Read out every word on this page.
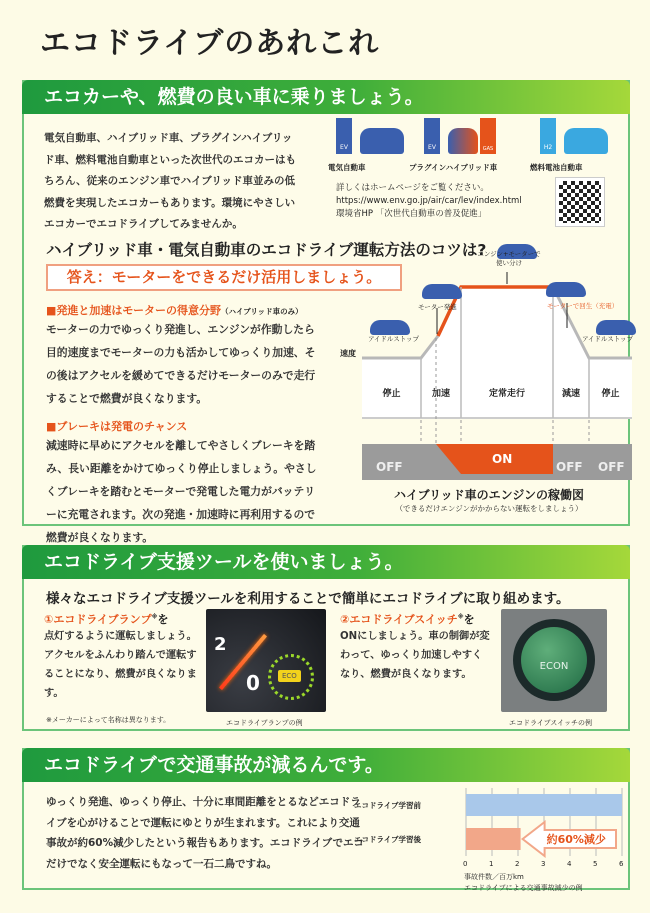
エコドライブのあれこれ
エコカーや、燃費の良い車に乗りましょう。
電気自動車、ハイブリッド車、プラグインハイブリッド車、燃料電池自動車といった次世代のエコカーはもちろん、従来のエンジン車でハイブリッド車並みの低燃費を実現したエコカーもあります。環境にやさしいエコカーでエコドライブしてみませんか。
EV
電気自動車
EV	GAS
プラグインハイブリッド車
H2
燃料電池自動車
詳しくはホームページをご覧ください。
https://www.env.go.jp/air/car/lev/index.html
環境省HP 「次世代自動車の普及促進」
ハイブリッド車・電気自動車のエコドライブ運転方法のコツは?
答え：モーターをできるだけ活用しましょう。
■発進と加速はモーターの得意分野（ハイブリッド車のみ）
モーターの力でゆっくり発進し、エンジンが作動したら目的速度までモーターの力も活かしてゆっくり加速、その後はアクセルを緩めてできるだけモーターのみで走行することで燃費が良くなります。
■ブレーキは発電のチャンス
減速時に早めにアクセルを離してやさしくブレーキを踏み、長い距離をかけてゆっくり停止しましょう。やさしくブレーキを踏むとモーターで発電した電力がバッテリーに充電されます。次の発進・加速時に再利用するので燃費が良くなります。
速度
アイドルストップ
モーター発進
エンジン+モーターで
使い分け
モーターで回生（充電）
アイドルストップ
停止	加速	定常走行	減速	停止
OFF
ON
OFF OFF
ハイブリッド車のエンジンの稼働図
（できるだけエンジンがかからない運転をしましょう）
エコドライブ支援ツールを使いましょう。
様々なエコドライブ支援ツールを利用することで簡単にエコドライブに取り組めます。
①エコドライブランプ※を
点灯するように運転しましょう。アクセルをふんわり踏んで運転することになり、燃費が良くなります。
※メーカーによって名称は異なります。
2
0	ECO
エコドライブランプの例
②エコドライブスイッチ※を
ONにしましょう。車の制御が変わって、ゆっくり加速しやすくなり、燃費が良くなります。
ECON
エコドライブスイッチの例
エコドライブで交通事故が減るんです。
ゆっくり発進、ゆっくり停止、十分に車間距離をとるなどエコドライブを心がけることで運転にゆとりが生まれます。これにより交通事故が約60%減少したという報告もあります。エコドライブでエコだけでなく安全運転にもなって一石二鳥ですね。
エコドライブ学習前
エコドライブ学習後	約60%減少
0	1	2	3	4	5	6
事故件数／百万km
エコドライブによる交通事故減少の例
